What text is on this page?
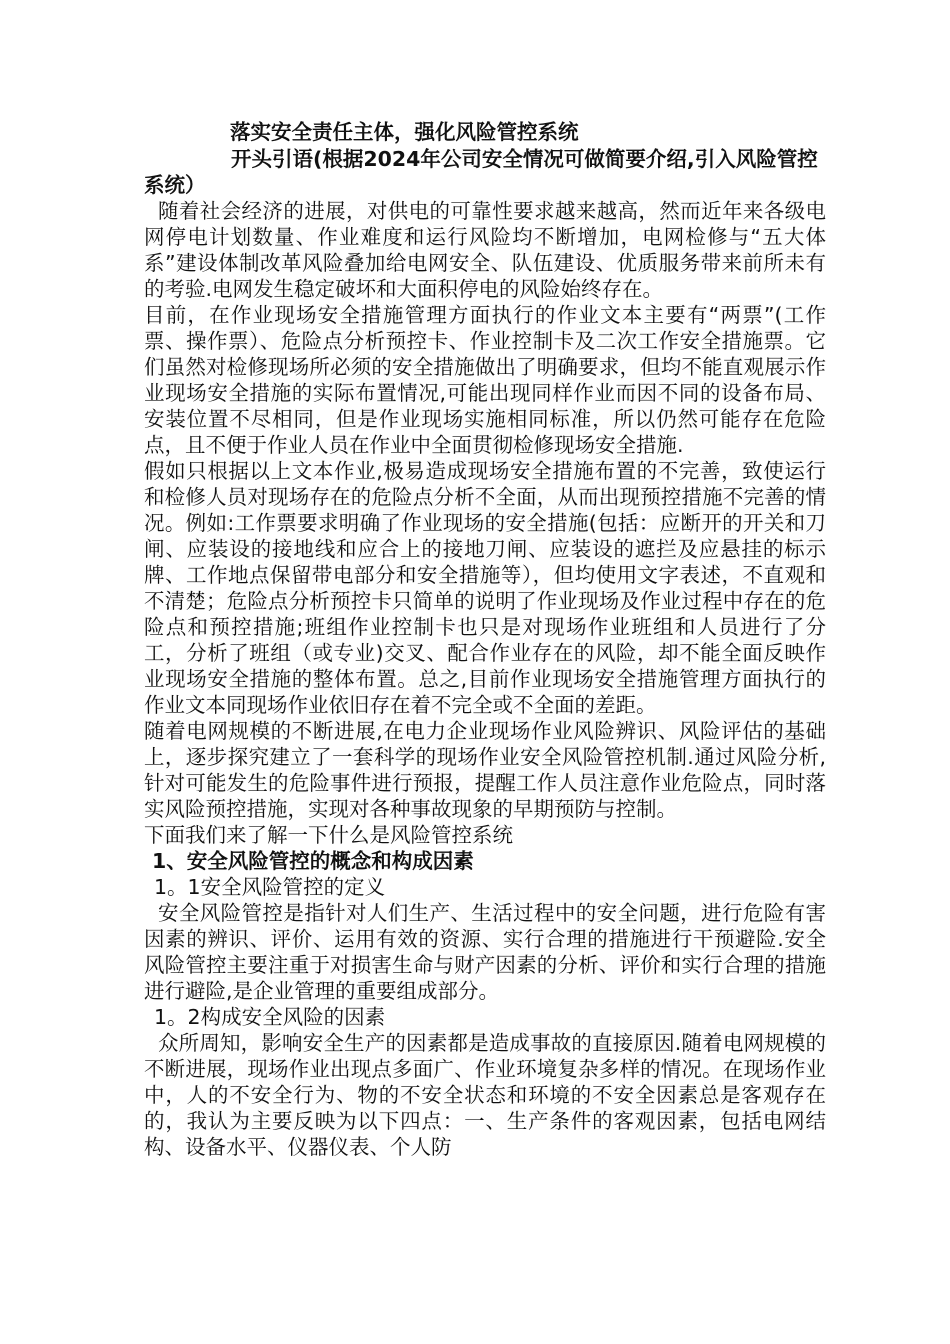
落实安全责任主体，强化风险管控系统

开头引语(根据2024年公司安全情况可做简要介绍,引入风险管控系统）

随着社会经济的进展，对供电的可靠性要求越来越高，然而近年来各级电网停电计划数量、作业难度和运行风险均不断增加，电网检修与“五大体系”建设体制改革风险叠加给电网安全、队伍建设、优质服务带来前所未有的考验.电网发生稳定破坏和大面积停电的风险始终存在。

目前，在作业现场安全措施管理方面执行的作业文本主要有“两票”(工作票、操作票）、危险点分析预控卡、作业控制卡及二次工作安全措施票。它们虽然对检修现场所必须的安全措施做出了明确要求，但均不能直观展示作业现场安全措施的实际布置情况,可能出现同样作业而因不同的设备布局、安装位置不尽相同，但是作业现场实施相同标准，所以仍然可能存在危险点，且不便于作业人员在作业中全面贯彻检修现场安全措施.

假如只根据以上文本作业,极易造成现场安全措施布置的不完善，致使运行和检修人员对现场存在的危险点分析不全面，从而出现预控措施不完善的情况。例如:工作票要求明确了作业现场的安全措施(包括：应断开的开关和刀闸、应装设的接地线和应合上的接地刀闸、应装设的遮拦及应悬挂的标示牌、工作地点保留带电部分和安全措施等），但均使用文字表述，不直观和不清楚；危险点分析预控卡只简单的说明了作业现场及作业过程中存在的危险点和预控措施;班组作业控制卡也只是对现场作业班组和人员进行了分工，分析了班组（或专业)交叉、配合作业存在的风险，却不能全面反映作业现场安全措施的整体布置。总之,目前作业现场安全措施管理方面执行的作业文本同现场作业依旧存在着不完全或不全面的差距。

随着电网规模的不断进展,在电力企业现场作业风险辨识、风险评估的基础上，逐步探究建立了一套科学的现场作业安全风险管控机制.通过风险分析,针对可能发生的危险事件进行预报，提醒工作人员注意作业危险点，同时落实风险预控措施，实现对各种事故现象的早期预防与控制。

下面我们来了解一下什么是风险管控系统

1、安全风险管控的概念和构成因素

1。1安全风险管控的定义

安全风险管控是指针对人们生产、生活过程中的安全问题，进行危险有害因素的辨识、评价、运用有效的资源、实行合理的措施进行干预避险.安全风险管控主要注重于对损害生命与财产因素的分析、评价和实行合理的措施进行避险,是企业管理的重要组成部分。

1。2构成安全风险的因素

众所周知，影响安全生产的因素都是造成事故的直接原因.随着电网规模的不断进展，现场作业出现点多面广、作业环境复杂多样的情况。在现场作业中，人的不安全行为、物的不安全状态和环境的不安全因素总是客观存在的，我认为主要反映为以下四点：一、生产条件的客观因素，包括电网结构、设备水平、仪器仪表、个人防
